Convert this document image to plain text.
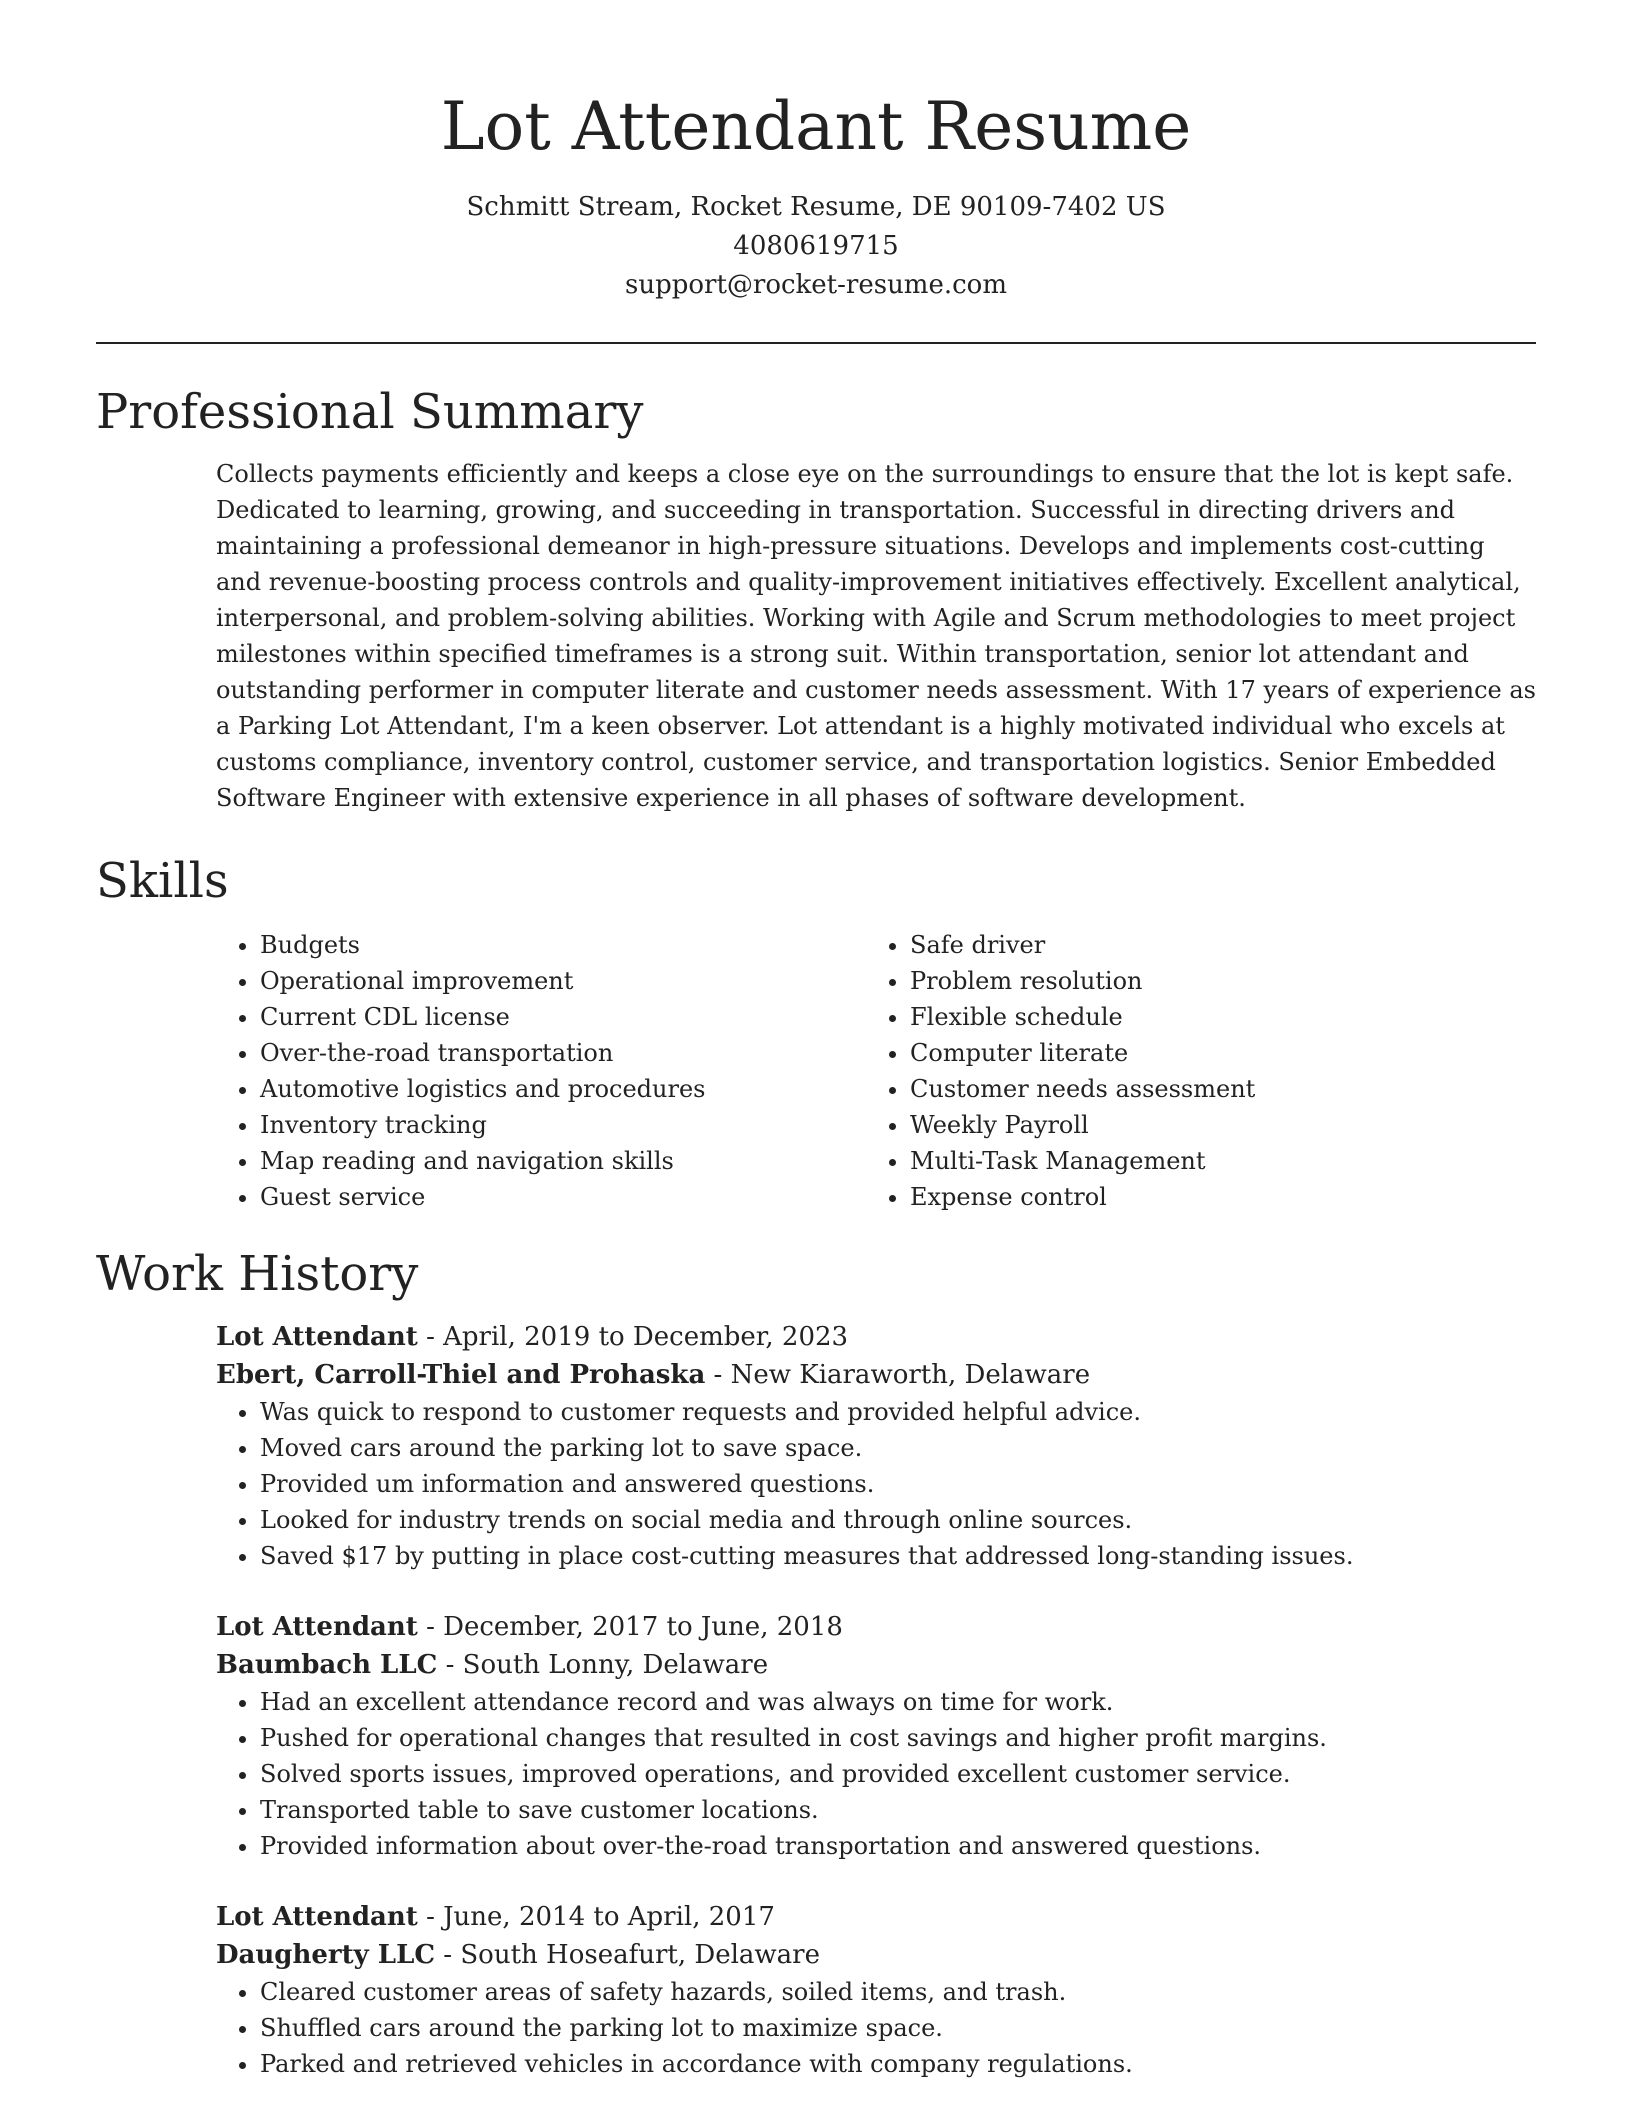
Lot Attendant Resume
Schmitt Stream, Rocket Resume, DE 90109-7402 US
4080619715
support@rocket-resume.com
Professional Summary

Collects payments efficiently and keeps a close eye on the surroundings to ensure that the lot is kept safe. Dedicated to learning, growing, and succeeding in transportation. Successful in directing drivers and maintaining a professional demeanor in high-pressure situations. Develops and implements cost-cutting and revenue-boosting process controls and quality-improvement initiatives effectively. Excellent analytical, interpersonal, and problem-solving abilities. Working with Agile and Scrum methodologies to meet project milestones within specified timeframes is a strong suit. Within transportation, senior lot attendant and outstanding performer in computer literate and customer needs assessment. With 17 years of experience as a Parking Lot Attendant, I'm a keen observer. Lot attendant is a highly motivated individual who excels at customs compliance, inventory control, customer service, and transportation logistics. Senior Embedded Software Engineer with extensive experience in all phases of software development.

Skills
• Budgets
• Operational improvement
• Current CDL license
• Over-the-road transportation
• Automotive logistics and procedures
• Inventory tracking
• Map reading and navigation skills
• Guest service
• Safe driver
• Problem resolution
• Flexible schedule
• Computer literate
• Customer needs assessment
• Weekly Payroll
• Multi-Task Management
• Expense control
Work History
Lot Attendant - April, 2019 to December, 2023
Ebert, Carroll-Thiel and Prohaska - New Kiaraworth, Delaware
• Was quick to respond to customer requests and provided helpful advice.
• Moved cars around the parking lot to save space.
• Provided um information and answered questions.
• Looked for industry trends on social media and through online sources.
• Saved $17 by putting in place cost-cutting measures that addressed long-standing issues.
Lot Attendant - December, 2017 to June, 2018
Baumbach LLC - South Lonny, Delaware
• Had an excellent attendance record and was always on time for work.
• Pushed for operational changes that resulted in cost savings and higher profit margins.
• Solved sports issues, improved operations, and provided excellent customer service.
• Transported table to save customer locations.
• Provided information about over-the-road transportation and answered questions.
Lot Attendant - June, 2014 to April, 2017
Daugherty LLC - South Hoseafurt, Delaware
• Cleared customer areas of safety hazards, soiled items, and trash.
• Shuffled cars around the parking lot to maximize space.
• Parked and retrieved vehicles in accordance with company regulations.
